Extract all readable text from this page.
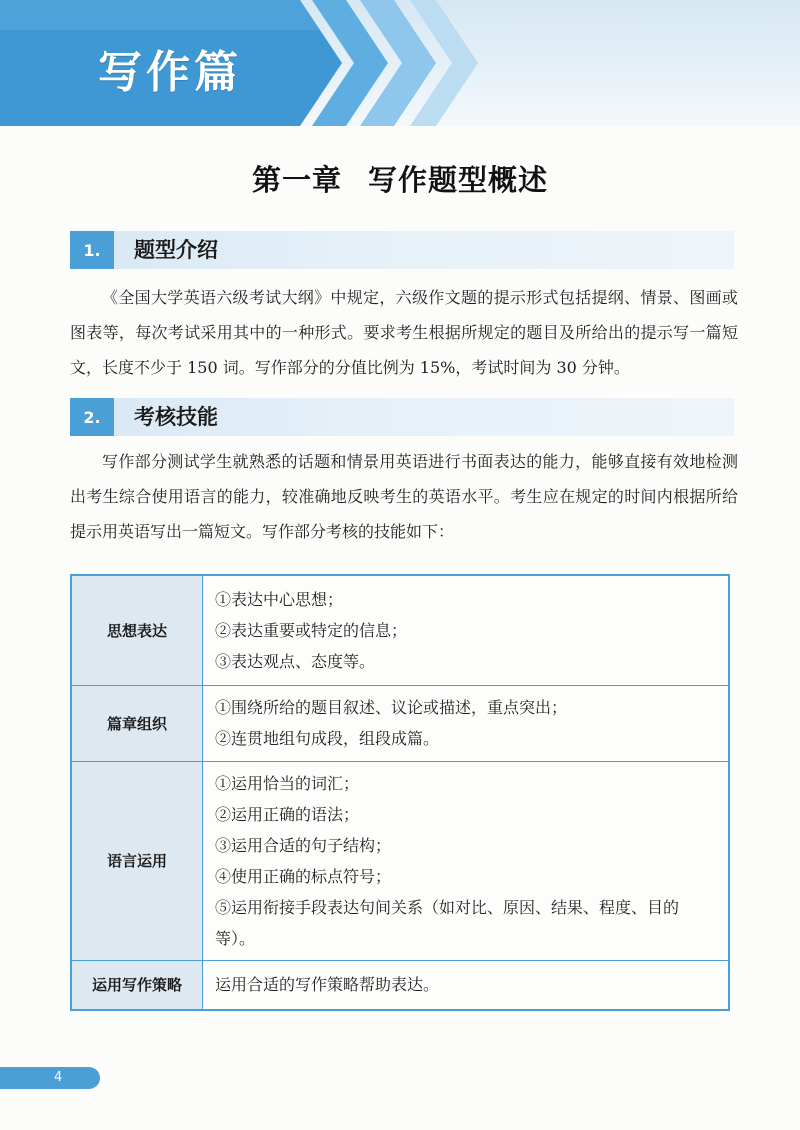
写作篇
第一章 写作题型概述
1.	题型介绍
《全国大学英语六级考试大纲》中规定，六级作文题的提示形式包括提纲、情景、图画或图表等，每次考试采用其中的一种形式。要求考生根据所规定的题目及所给出的提示写一篇短文，长度不少于 150 词。写作部分的分值比例为 15%，考试时间为 30 分钟。
2.	考核技能
写作部分测试学生就熟悉的话题和情景用英语进行书面表达的能力，能够直接有效地检测出考生综合使用语言的能力，较准确地反映考生的英语水平。考生应在规定的时间内根据所给提示用英语写出一篇短文。写作部分考核的技能如下：
思想表达	①表达中心思想；
②表达重要或特定的信息；
③表达观点、态度等。

篇章组织	①围绕所给的题目叙述、议论或描述，重点突出；
②连贯地组句成段，组段成篇。

语言运用	①运用恰当的词汇；
②运用正确的语法；
③运用合适的句子结构；
④使用正确的标点符号；
⑤运用衔接手段表达句间关系（如对比、原因、结果、程度、目的等）。

运用写作策略	运用合适的写作策略帮助表达。
4
